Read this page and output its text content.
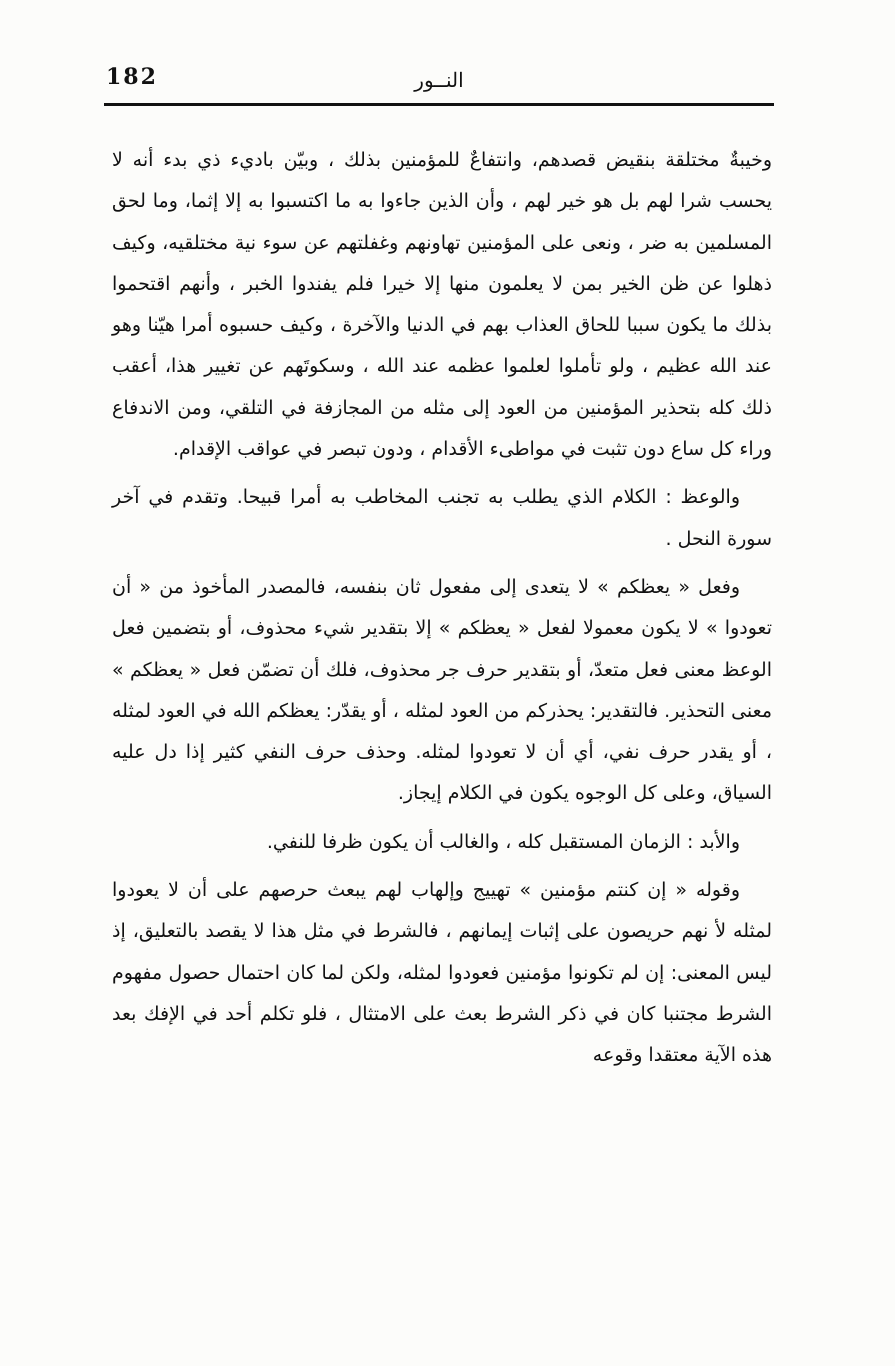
182	النــور

وخيبةٌ مختلقة بنقيض قصدهم، وانتفاعٌ للمؤمنين بذلك ، وبيّن باديء ذي بدء أنه لا يحسب شرا لهم بل هو خير لهم ، وأن الذين جاءوا به ما اكتسبوا به إلا إثما، وما لحق المسلمين به ضر ، ونعى على المؤمنين تهاونهم وغفلتهم عن سوء نية مختلقيه، وكيف ذهلوا عن ظن الخير بمن لا يعلمون منها إلا خيرا فلم يفندوا الخبر ، وأنهم اقتحموا بذلك ما يكون سببا للحاق العذاب بهم في الدنيا والآخرة ، وكيف حسبوه أمرا هيّنا وهو عند الله عظيم ، ولو تأملوا لعلموا عظمه عند الله ، وسكوتَهم عن تغيير هذا، أعقب ذلك كله بتحذير المؤمنين من العود إلى مثله من المجازفة في التلقي، ومن الاندفاع وراء كل ساع دون تثبت في مواطىء الأقدام ، ودون تبصر في عواقب الإقدام.

والوعظ : الكلام الذي يطلب به تجنب المخاطب به أمرا قبيحا. وتقدم في آخر سورة النحل .

وفعل « يعظكم » لا يتعدى إلى مفعول ثان بنفسه، فالمصدر المأخوذ من « أن تعودوا » لا يكون معمولا لفعل « يعظكم » إلا بتقدير شيء محذوف، أو بتضمين فعل الوعظ معنى فعل متعدّ، أو بتقدير حرف جر محذوف، فلك أن تضمّن فعل « يعظكم » معنى التحذير. فالتقدير: يحذركم من العود لمثله ، أو يقدّر: يعظكم الله في العود لمثله ، أو يقدر حرف نفي، أي أن لا تعودوا لمثله. وحذف حرف النفي كثير إذا دل عليه السياق، وعلى كل الوجوه يكون في الكلام إيجاز.

والأبد : الزمان المستقبل كله ، والغالب أن يكون ظرفا للنفي.

وقوله « إن كنتم مؤمنين » تهييج وإلهاب لهم يبعث حرصهم على أن لا يعودوا لمثله لأ نهم حريصون على إثبات إيمانهم ، فالشرط في مثل هذا لا يقصد بالتعليق، إذ ليس المعنى: إن لم تكونوا مؤمنين فعودوا لمثله، ولكن لما كان احتمال حصول مفهوم الشرط مجتنبا كان في ذكر الشرط بعث على الامتثال ، فلو تكلم أحد في الإفك بعد هذه الآية معتقدا وقوعه
